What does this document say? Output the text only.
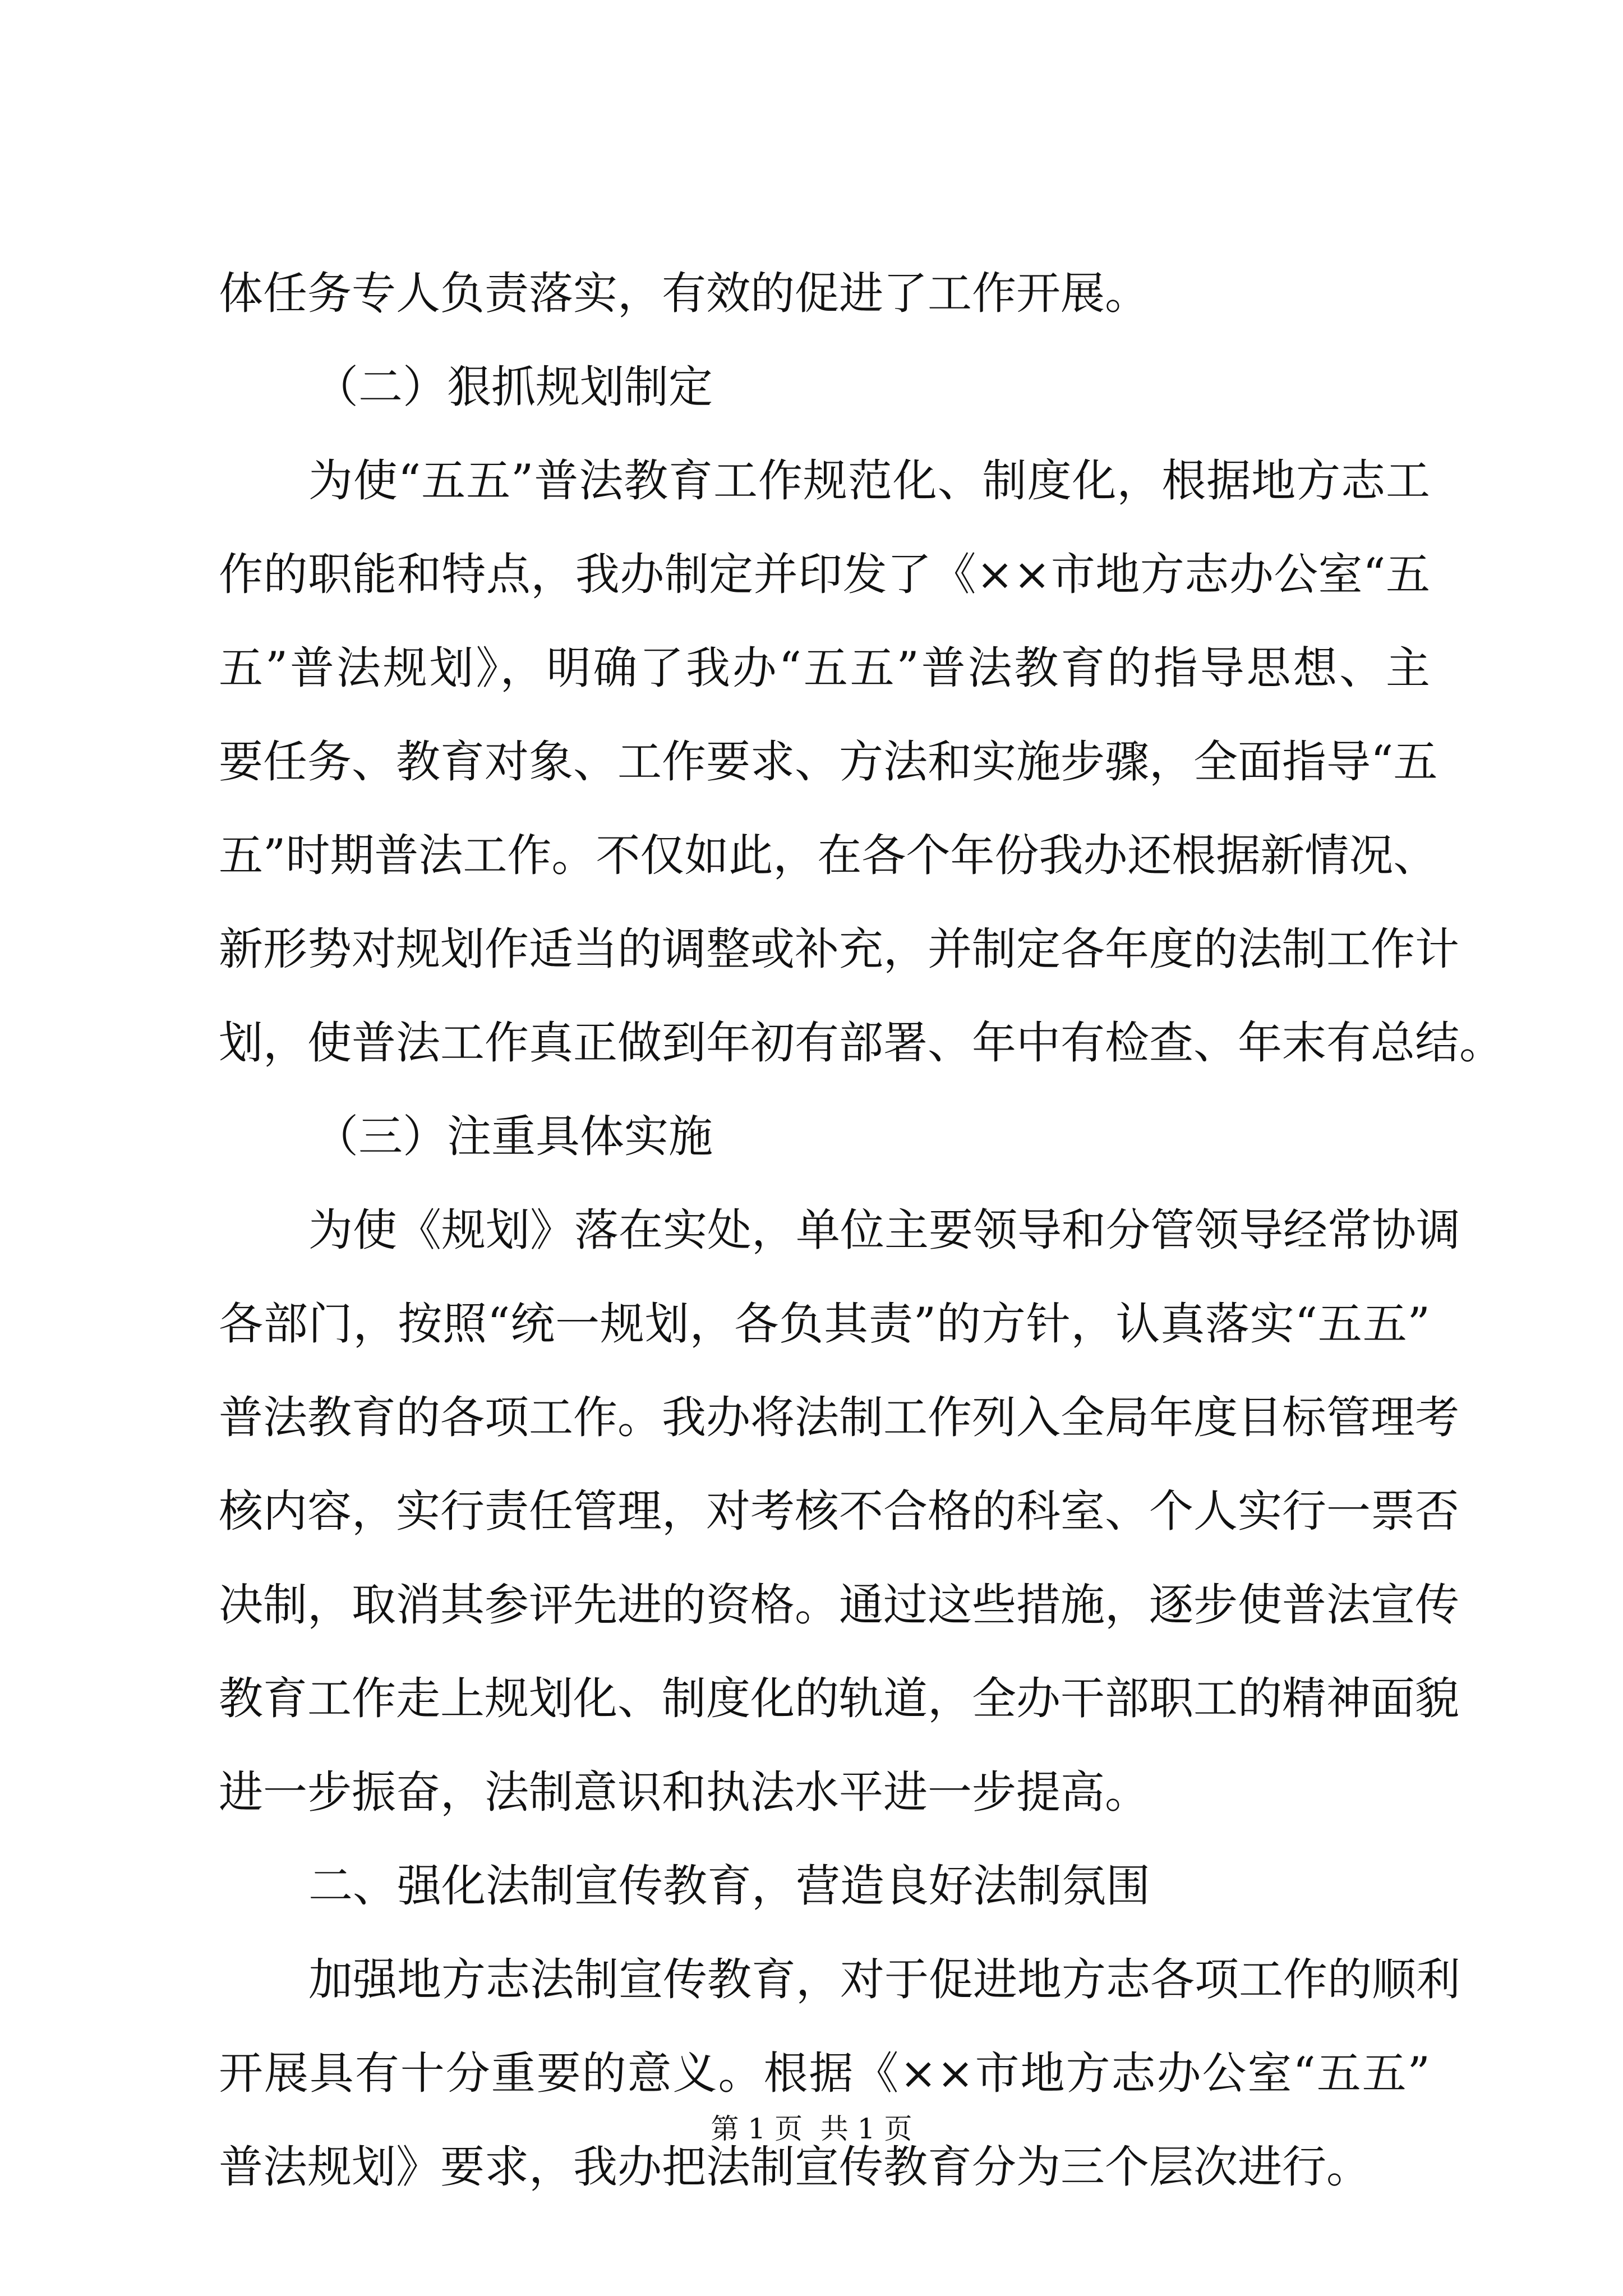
体任务专人负责落实，有效的促进了工作开展。
（二）狠抓规划制定
为使“五五”普法教育工作规范化、制度化，根据地方志工
作的职能和特点，我办制定并印发了《××市地方志办公室“五
五”普法规划》，明确了我办“五五”普法教育的指导思想、主
要任务、教育对象、工作要求、方法和实施步骤，全面指导“五
五”时期普法工作。不仅如此，在各个年份我办还根据新情况、
新形势对规划作适当的调整或补充，并制定各年度的法制工作计
划，使普法工作真正做到年初有部署、年中有检查、年末有总结。
（三）注重具体实施
为使《规划》落在实处，单位主要领导和分管领导经常协调
各部门，按照“统一规划，各负其责”的方针，认真落实“五五”
普法教育的各项工作。我办将法制工作列入全局年度目标管理考
核内容，实行责任管理，对考核不合格的科室、个人实行一票否
决制，取消其参评先进的资格。通过这些措施，逐步使普法宣传
教育工作走上规划化、制度化的轨道，全办干部职工的精神面貌
进一步振奋，法制意识和执法水平进一步提高。
二、强化法制宣传教育，营造良好法制氛围
加强地方志法制宣传教育，对于促进地方志各项工作的顺利
开展具有十分重要的意义。根据《××市地方志办公室“五五”
普法规划》要求，我办把法制宣传教育分为三个层次进行。
第 1 页  共 1 页
